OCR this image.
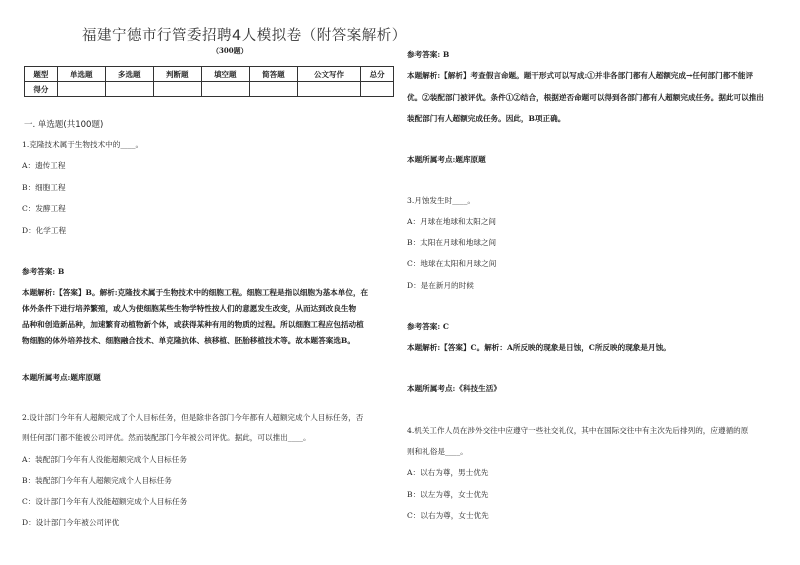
福建宁德市行管委招聘4人模拟卷（附答案解析）
（300题）
题型	单选题	多选题	判断题	填空题	简答题	公文写作	总分
得分							
一. 单选题(共100题)
1.克隆技术属于生物技术中的____。
A：遗传工程
B：细胞工程
C：发酵工程
D：化学工程
参考答案: B
本题解析:【答案】B。解析:克隆技术属于生物技术中的细胞工程。细胞工程是指以细胞为基本单位，在
体外条件下进行培养繁殖，或人为使细胞某些生物学特性按人们的意愿发生改变，从而达到改良生物
品种和创造新品种，加速繁育动植物新个体，或获得某种有用的物质的过程。所以细胞工程应包括动植
物细胞的体外培养技术、细胞融合技术、单克隆抗体、核移植、胚胎移植技术等。故本题答案选B。
本题所属考点:题库原题
2.设计部门今年有人超额完成了个人目标任务，但是除非各部门今年都有人超额完成个人目标任务，否
则任何部门都不能被公司评优。然而装配部门今年被公司评优。据此，可以推出____。
A：装配部门今年有人没能超额完成个人目标任务
B：装配部门今年有人超额完成个人目标任务
C：设计部门今年有人没能超额完成个人目标任务
D：设计部门今年被公司评优
参考答案: B
本题解析:【解析】考查假言命题。题干形式可以写成:①并非各部门都有人超额完成→任何部门都不能评
优。②装配部门被评优。条件①②结合，根据逆否命题可以得到各部门都有人超额完成任务。据此可以推出
装配部门有人超额完成任务。因此，B项正确。
本题所属考点:题库原题
3.月蚀发生时____。
A：月球在地球和太阳之间
B：太阳在月球和地球之间
C：地球在太阳和月球之间
D：是在新月的时候
参考答案: C
本题解析:【答案】C。解析：A所反映的现象是日蚀，C所反映的现象是月蚀。
本题所属考点:《科技生活》
4.机关工作人员在涉外交往中应遵守一些社交礼仪，其中在国际交往中有主次先后排列的，应遵循的原
则和礼俗是____。
A：以右为尊，男士优先
B：以左为尊，女士优先
C：以右为尊，女士优先
